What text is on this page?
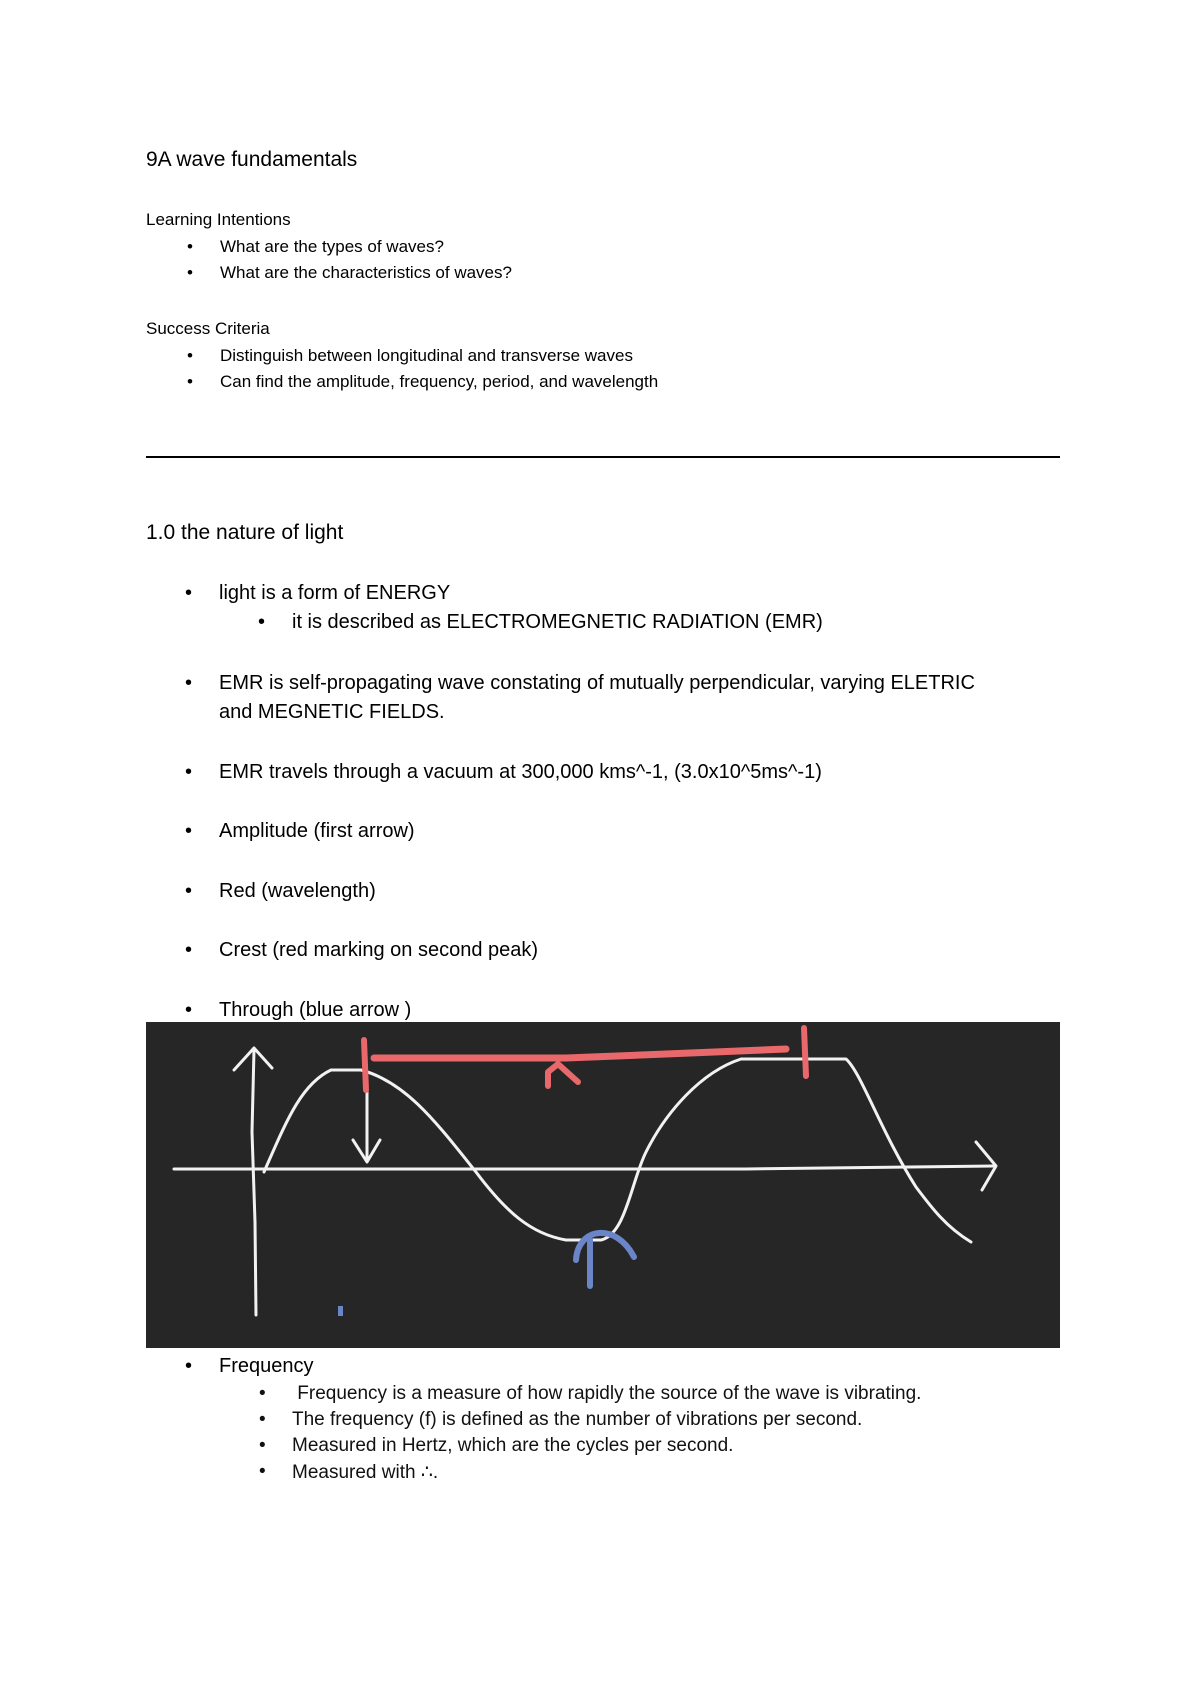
9A wave fundamentals
Learning Intentions
• What are the types of waves?
• What are the characteristics of waves?
Success Criteria
• Distinguish between longitudinal and transverse waves
• Can find the amplitude, frequency, period, and wavelength
1.0 the nature of light
• light is a form of ENERGY
• it is described as ELECTROMEGNETIC RADIATION (EMR)
• EMR is self-propagating wave constating of mutually perpendicular, varying ELETRIC
and MEGNETIC FIELDS.
• EMR travels through a vacuum at 300,000 kms^-1, (3.0x10^5ms^-1)
• Amplitude (first arrow)
• Red (wavelength)
• Crest (red marking on second peak)
• Through (blue arrow )
• Frequency
• Frequency is a measure of how rapidly the source of the wave is vibrating.
• The frequency (f) is defined as the number of vibrations per second.
• Measured in Hertz, which are the cycles per second.
• Measured with ∴.
